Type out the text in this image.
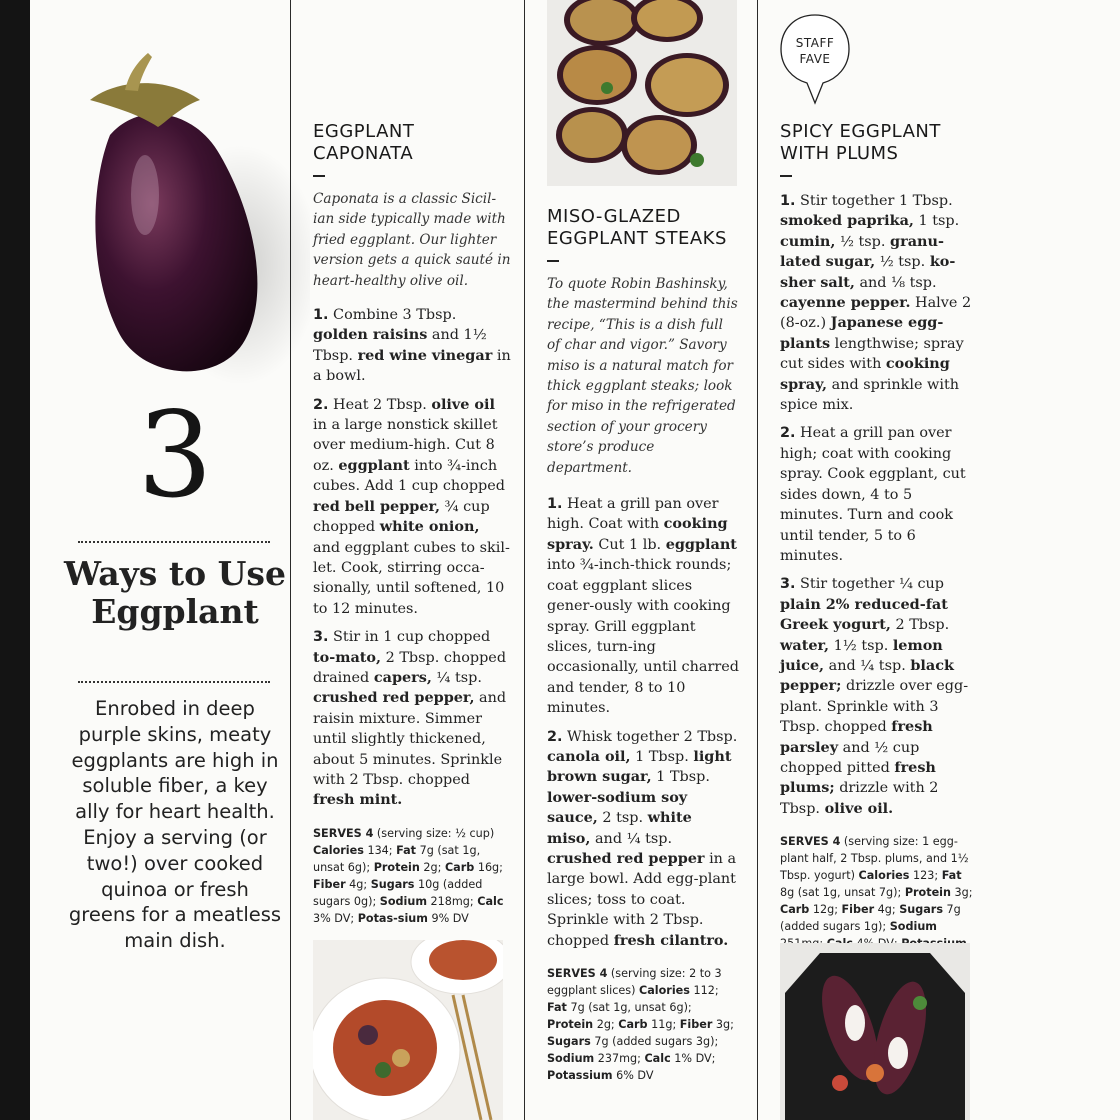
3
Ways to Use Eggplant
Enrobed in deep purple skins, meaty eggplants are high in soluble fiber, a key ally for heart health. Enjoy a serving (or two!) over cooked quinoa or fresh greens for a meatless main dish.
EGGPLANT CAPONATA
Caponata is a classic Sicil-ian side typically made with fried eggplant. Our lighter version gets a quick sauté in heart-healthy olive oil.
1. Combine 3 Tbsp. golden raisins and 1½ Tbsp. red wine vinegar in a bowl.
2. Heat 2 Tbsp. olive oil in a large nonstick skillet over medium-high. Cut 8 oz. eggplant into ¾-inch cubes. Add 1 cup chopped red bell pepper, ¾ cup chopped white onion, and eggplant cubes to skil-let. Cook, stirring occa-sionally, until softened, 10 to 12 minutes.
3. Stir in 1 cup chopped to-mato, 2 Tbsp. chopped drained capers, ¼ tsp. crushed red pepper, and raisin mixture. Simmer until slightly thickened, about 5 minutes. Sprinkle with 2 Tbsp. chopped fresh mint.
SERVES 4 (serving size: ½ cup) Calories 134; Fat 7g (sat 1g, unsat 6g); Protein 2g; Carb 16g; Fiber 4g; Sugars 10g (added sugars 0g); Sodium 218mg; Calc 3% DV; Potas-sium 9% DV
MISO-GLAZED EGGPLANT STEAKS
To quote Robin Bashinsky, the mastermind behind this recipe, “This is a dish full of char and vigor.” Savory miso is a natural match for thick eggplant steaks; look for miso in the refrigerated section of your grocery store’s produce department.
1. Heat a grill pan over high. Coat with cooking spray. Cut 1 lb. eggplant into ¾-inch-thick rounds; coat eggplant slices gener-ously with cooking spray. Grill eggplant slices, turn-ing occasionally, until charred and tender, 8 to 10 minutes.
2. Whisk together 2 Tbsp. canola oil, 1 Tbsp. light brown sugar, 1 Tbsp. lower-sodium soy sauce, 2 tsp. white miso, and ¼ tsp. crushed red pepper in a large bowl. Add egg-plant slices; toss to coat. Sprinkle with 2 Tbsp. chopped fresh cilantro.
SERVES 4 (serving size: 2 to 3 eggplant slices) Calories 112; Fat 7g (sat 1g, unsat 6g); Protein 2g; Carb 11g; Fiber 3g; Sugars 7g (added sugars 3g); Sodium 237mg; Calc 1% DV; Potassium 6% DV
STAFF
FAVE
SPICY EGGPLANT WITH PLUMS
1. Stir together 1 Tbsp. smoked paprika, 1 tsp. cumin, ½ tsp. granu-lated sugar, ½ tsp. ko-sher salt, and ⅛ tsp. cayenne pepper. Halve 2 (8-oz.) Japanese egg-plants lengthwise; spray cut sides with cooking spray, and sprinkle with spice mix.
2. Heat a grill pan over high; coat with cooking spray. Cook eggplant, cut sides down, 4 to 5 minutes. Turn and cook until tender, 5 to 6 minutes.
3. Stir together ¼ cup plain 2% reduced-fat Greek yogurt, 2 Tbsp. water, 1½ tsp. lemon juice, and ¼ tsp. black pepper; drizzle over egg-plant. Sprinkle with 3 Tbsp. chopped fresh parsley and ½ cup chopped pitted fresh plums; drizzle with 2 Tbsp. olive oil.
SERVES 4 (serving size: 1 egg-plant half, 2 Tbsp. plums, and 1½ Tbsp. yogurt) Calories 123; Fat 8g (sat 1g, unsat 7g); Protein 3g; Carb 12g; Fiber 4g; Sugars 7g (added sugars 1g); Sodium
